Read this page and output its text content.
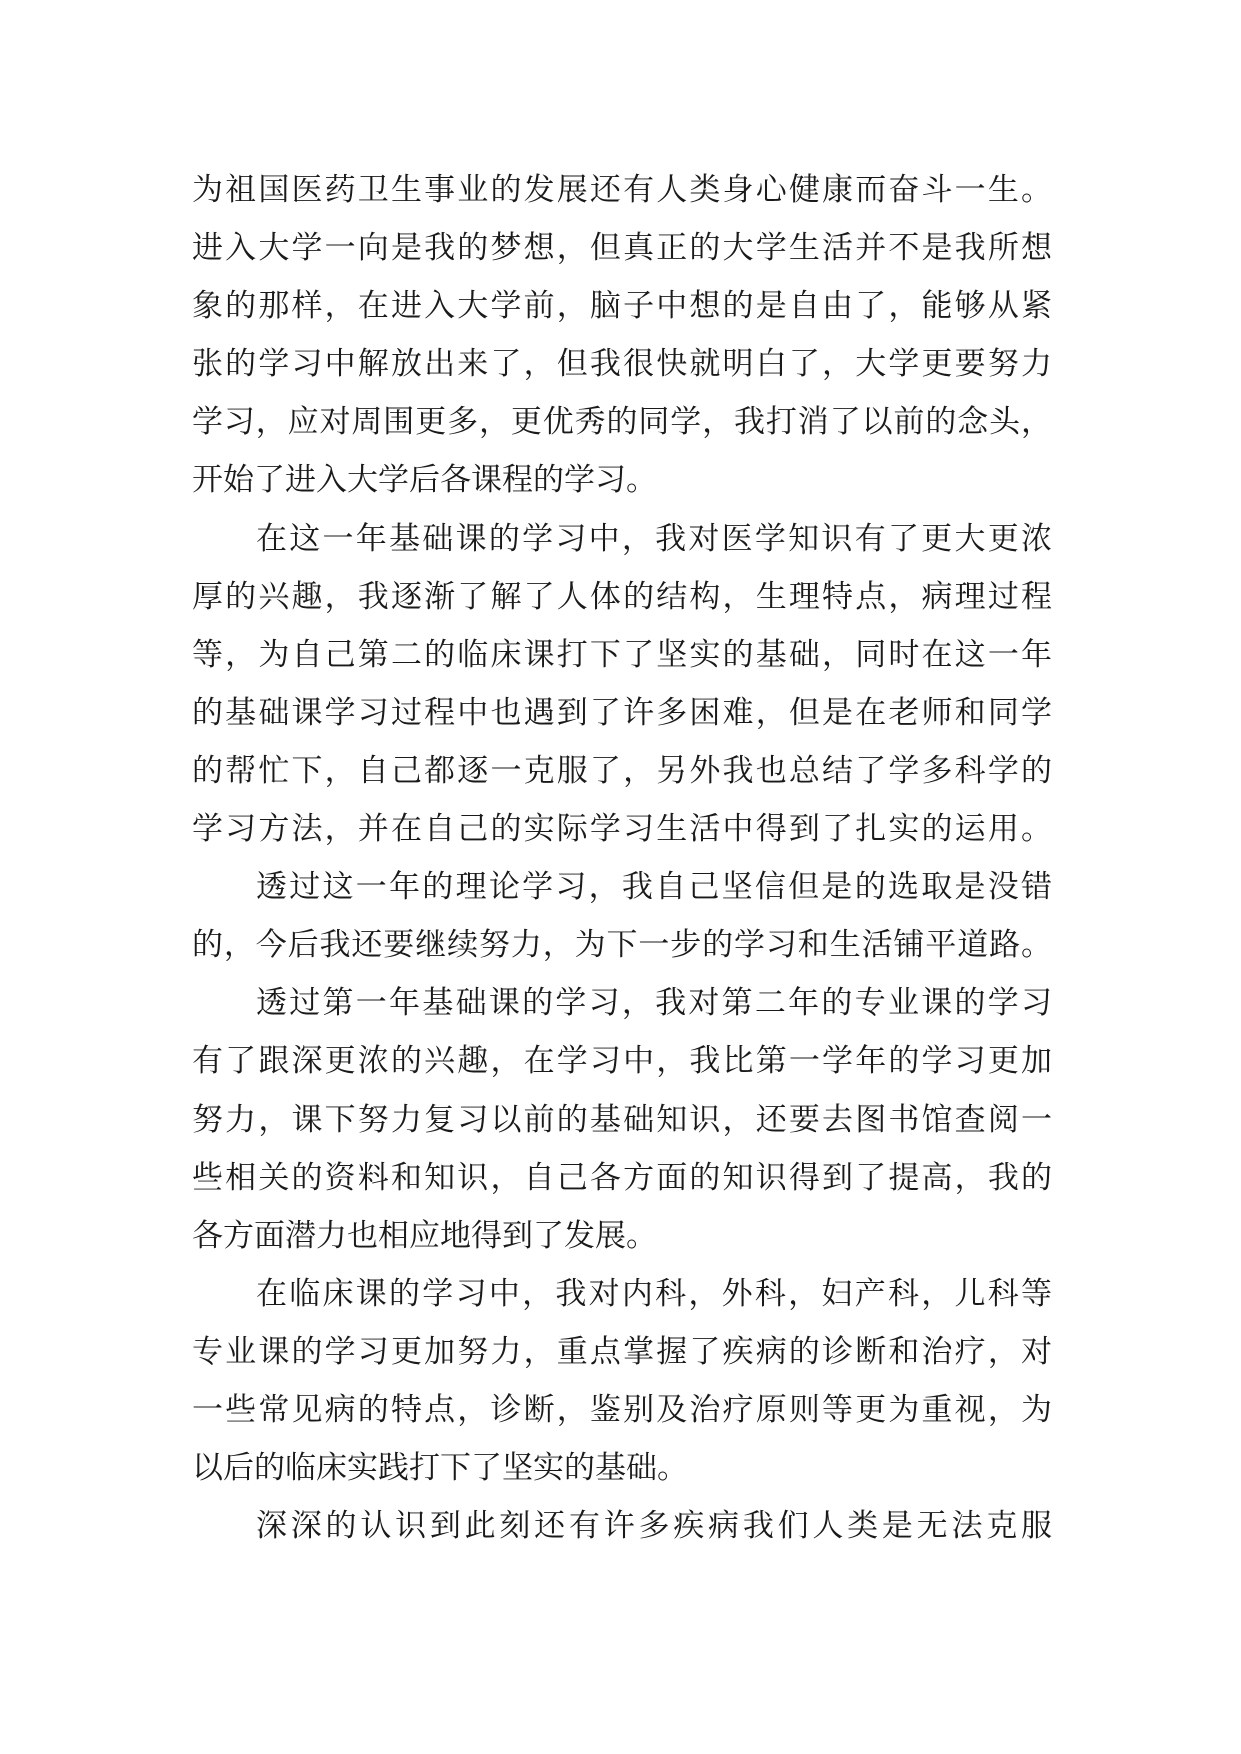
为祖国医药卫生事业的发展还有人类身心健康而奋斗一生。
进入大学一向是我的梦想，但真正的大学生活并不是我所想
象的那样，在进入大学前，脑子中想的是自由了，能够从紧
张的学习中解放出来了，但我很快就明白了，大学更要努力
学习，应对周围更多，更优秀的同学，我打消了以前的念头，
开始了进入大学后各课程的学习。
在这一年基础课的学习中，我对医学知识有了更大更浓
厚的兴趣，我逐渐了解了人体的结构，生理特点，病理过程
等，为自己第二的临床课打下了坚实的基础，同时在这一年
的基础课学习过程中也遇到了许多困难，但是在老师和同学
的帮忙下，自己都逐一克服了，另外我也总结了学多科学的
学习方法，并在自己的实际学习生活中得到了扎实的运用。
透过这一年的理论学习，我自己坚信但是的选取是没错
的，今后我还要继续努力，为下一步的学习和生活铺平道路。
透过第一年基础课的学习，我对第二年的专业课的学习
有了跟深更浓的兴趣，在学习中，我比第一学年的学习更加
努力，课下努力复习以前的基础知识，还要去图书馆查阅一
些相关的资料和知识，自己各方面的知识得到了提高，我的
各方面潜力也相应地得到了发展。
在临床课的学习中，我对内科，外科，妇产科，儿科等
专业课的学习更加努力，重点掌握了疾病的诊断和治疗，对
一些常见病的特点，诊断，鉴别及治疗原则等更为重视，为
以后的临床实践打下了坚实的基础。
深深的认识到此刻还有许多疾病我们人类是无法克服
